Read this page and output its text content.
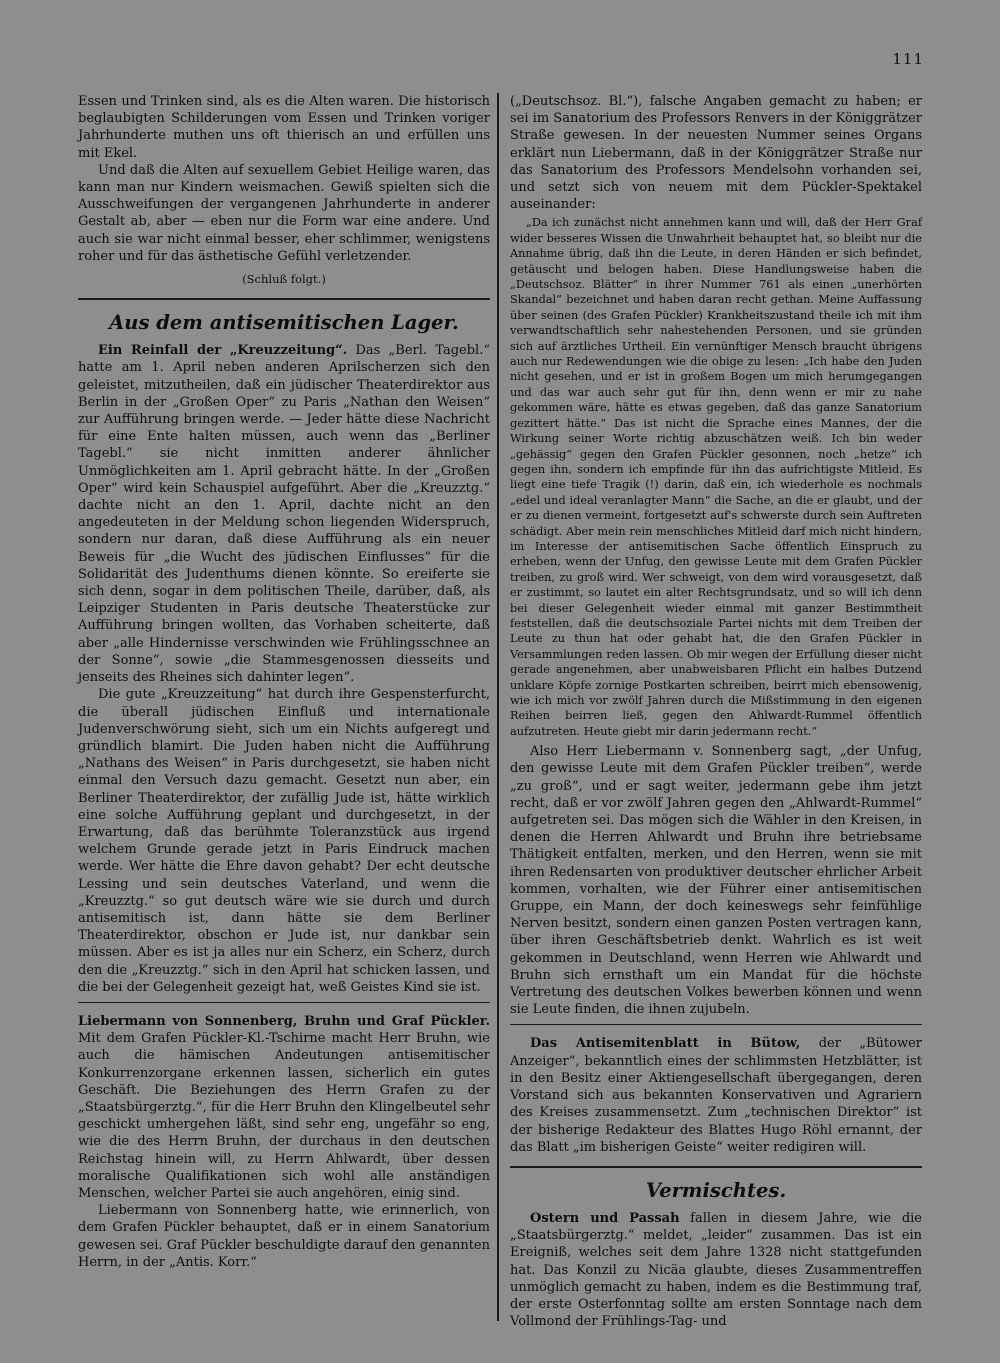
111

Essen und Trinken sind, als es die Alten waren. Die historisch beglaubigten Schilderungen vom Essen und Trinken voriger Jahrhunderte muthen uns oft thierisch an und erfüllen uns mit Ekel.

Und daß die Alten auf sexuellem Gebiet Heilige waren, das kann man nur Kindern weismachen. Gewiß spielten sich die Ausschweifungen der vergangenen Jahrhunderte in anderer Gestalt ab, aber — eben nur die Form war eine andere. Und auch sie war nicht einmal besser, eher schlimmer, wenigstens roher und für das ästhetische Gefühl verletzender.

(Schluß folgt.)

Aus dem antisemitischen Lager.

Ein Reinfall der „Kreuzzeitung“. Das „Berl. Tagebl.“ hatte am 1. April neben anderen Aprilscherzen sich den geleistet, mitzutheilen, daß ein jüdischer Theaterdirektor aus Berlin in der „Großen Oper“ zu Paris „Nathan den Weisen“ zur Aufführung bringen werde. — Jeder hätte diese Nachricht für eine Ente halten müssen, auch wenn das „Berliner Tagebl.“ sie nicht inmitten anderer ähnlicher Unmöglichkeiten am 1. April gebracht hätte. In der „Großen Oper“ wird kein Schauspiel aufgeführt. Aber die „Kreuzztg.“ dachte nicht an den 1. April, dachte nicht an den angedeuteten in der Meldung schon liegenden Widerspruch, sondern nur daran, daß diese Aufführung als ein neuer Beweis für „die Wucht des jüdischen Einflusses“ für die Solidarität des Judenthums dienen könnte. So ereiferte sie sich denn, sogar in dem politischen Theile, darüber, daß, als Leipziger Studenten in Paris deutsche Theaterstücke zur Aufführung bringen wollten, das Vorhaben scheiterte, daß aber „alle Hindernisse verschwinden wie Frühlingsschnee an der Sonne“, sowie „die Stammesgenossen diesseits und jenseits des Rheines sich dahinter legen“.

Die gute „Kreuzzeitung“ hat durch ihre Gespensterfurcht, die überall jüdischen Einfluß und internationale Judenverschwörung sieht, sich um ein Nichts aufgeregt und gründlich blamirt. Die Juden haben nicht die Aufführung „Nathans des Weisen“ in Paris durchgesetzt, sie haben nicht einmal den Versuch dazu gemacht. Gesetzt nun aber, ein Berliner Theaterdirektor, der zufällig Jude ist, hätte wirklich eine solche Aufführung geplant und durchgesetzt, in der Erwartung, daß das berühmte Toleranzstück aus irgend welchem Grunde gerade jetzt in Paris Eindruck machen werde. Wer hätte die Ehre davon gehabt? Der echt deutsche Lessing und sein deutsches Vaterland, und wenn die „Kreuzztg.“ so gut deutsch wäre wie sie durch und durch antisemitisch ist, dann hätte sie dem Berliner Theaterdirektor, obschon er Jude ist, nur dankbar sein müssen. Aber es ist ja alles nur ein Scherz, ein Scherz, durch den die „Kreuzztg.“ sich in den April hat schicken lassen, und die bei der Gelegenheit gezeigt hat, weß Geistes Kind sie ist.

Liebermann von Sonnenberg, Bruhn und Graf Pückler. Mit dem Grafen Pückler-Kl.-Tschirne macht Herr Bruhn, wie auch die hämischen Andeutungen antisemitischer Konkurrenzorgane erkennen lassen, sicherlich ein gutes Geschäft. Die Beziehungen des Herrn Grafen zu der „Staatsbürgerztg.“, für die Herr Bruhn den Klingelbeutel sehr geschickt umhergehen läßt, sind sehr eng, ungefähr so eng, wie die des Herrn Bruhn, der durchaus in den deutschen Reichstag hinein will, zu Herrn Ahlwardt, über dessen moralische Qualifikationen sich wohl alle anständigen Menschen, welcher Partei sie auch angehören, einig sind.

Liebermann von Sonnenberg hatte, wie erinnerlich, von dem Grafen Pückler behauptet, daß er in einem Sanatorium gewesen sei. Graf Pückler beschuldigte darauf den genannten Herrn, in der „Antis. Korr.“

(„Deutschsoz. Bl.“), falsche Angaben gemacht zu haben; er sei im Sanatorium des Professors Renvers in der Königgrätzer Straße gewesen. In der neuesten Nummer seines Organs erklärt nun Liebermann, daß in der Königgrätzer Straße nur das Sanatorium des Professors Mendelsohn vorhanden sei, und setzt sich von neuem mit dem Pückler-Spektakel auseinander:

„Da ich zunächst nicht annehmen kann und will, daß der Herr Graf wider besseres Wissen die Unwahrheit behauptet hat, so bleibt nur die Annahme übrig, daß ihn die Leute, in deren Händen er sich befindet, getäuscht und belogen haben. Diese Handlungsweise haben die „Deutschsoz. Blätter“ in ihrer Nummer 761 als einen „unerhörten Skandal“ bezeichnet und haben daran recht gethan. Meine Auffassung über seinen (des Grafen Pückler) Krankheitszustand theile ich mit ihm verwandtschaftlich sehr nahestehenden Personen, und sie gründen sich auf ärztliches Urtheil. Ein vernünftiger Mensch braucht übrigens auch nur Redewendungen wie die obige zu lesen: „Ich habe den Juden nicht gesehen, und er ist in großem Bogen um mich herumgegangen und das war auch sehr gut für ihn, denn wenn er mir zu nahe gekommen wäre, hätte es etwas gegeben, daß das ganze Sanatorium gezittert hätte.“ Das ist nicht die Sprache eines Mannes, der die Wirkung seiner Worte richtig abzuschätzen weiß. Ich bin weder „gehässig“ gegen den Grafen Pückler gesonnen, noch „hetze“ ich gegen ihn, sondern ich empfinde für ihn das aufrichtigste Mitleid. Es liegt eine tiefe Tragik (!) darin, daß ein, ich wiederhole es nochmals „edel und ideal veranlagter Mann“ die Sache, an die er glaubt, und der er zu dienen vermeint, fortgesetzt auf's schwerste durch sein Auftreten schädigt. Aber mein rein menschliches Mitleid darf mich nicht hindern, im Interesse der antisemitischen Sache öffentlich Einspruch zu erheben, wenn der Unfug, den gewisse Leute mit dem Grafen Pückler treiben, zu groß wird. Wer schweigt, von dem wird vorausgesetzt, daß er zustimmt, so lautet ein alter Rechtsgrundsatz, und so will ich denn bei dieser Gelegenheit wieder einmal mit ganzer Bestimmtheit feststellen, daß die deutschsoziale Partei nichts mit dem Treiben der Leute zu thun hat oder gehabt hat, die den Grafen Pückler in Versammlungen reden lassen. Ob mir wegen der Erfüllung dieser nicht gerade angenehmen, aber unabweisbaren Pflicht ein halbes Dutzend unklare Köpfe zornige Postkarten schreiben, beirrt mich ebensowenig, wie ich mich vor zwölf Jahren durch die Mißstimmung in den eigenen Reihen beirren ließ, gegen den Ahlwardt-Rummel öffentlich aufzutreten. Heute giebt mir darin jedermann recht.“

Also Herr Liebermann v. Sonnenberg sagt, „der Unfug, den gewisse Leute mit dem Grafen Pückler treiben“, werde „zu groß“, und er sagt weiter, jedermann gebe ihm jetzt recht, daß er vor zwölf Jahren gegen den „Ahlwardt-Rummel“ aufgetreten sei. Das mögen sich die Wähler in den Kreisen, in denen die Herren Ahlwardt und Bruhn ihre betriebsame Thätigkeit entfalten, merken, und den Herren, wenn sie mit ihren Redensarten von produktiver deutscher ehrlicher Arbeit kommen, vorhalten, wie der Führer einer antisemitischen Gruppe, ein Mann, der doch keineswegs sehr feinfühlige Nerven besitzt, sondern einen ganzen Posten vertragen kann, über ihren Geschäftsbetrieb denkt. Wahrlich es ist weit gekommen in Deutschland, wenn Herren wie Ahlwardt und Bruhn sich ernsthaft um ein Mandat für die höchste Vertretung des deutschen Volkes bewerben können und wenn sie Leute finden, die ihnen zujubeln.

Das Antisemitenblatt in Bütow, der „Bütower Anzeiger“, bekanntlich eines der schlimmsten Hetzblätter, ist in den Besitz einer Aktiengesellschaft übergegangen, deren Vorstand sich aus bekannten Konservativen und Agrariern des Kreises zusammensetzt. Zum „technischen Direktor“ ist der bisherige Redakteur des Blattes Hugo Röhl ernannt, der das Blatt „im bisherigen Geiste“ weiter redigiren will.

Vermischtes.

Ostern und Passah fallen in diesem Jahre, wie die „Staatsbürgerztg.“ meldet, „leider“ zusammen. Das ist ein Ereigniß, welches seit dem Jahre 1328 nicht stattgefunden hat. Das Konzil zu Nicäa glaubte, dieses Zusammentreffen unmöglich gemacht zu haben, indem es die Bestimmung traf, der erste Osterfonntag sollte am ersten Sonntage nach dem Vollmond der Frühlings-Tag- und
